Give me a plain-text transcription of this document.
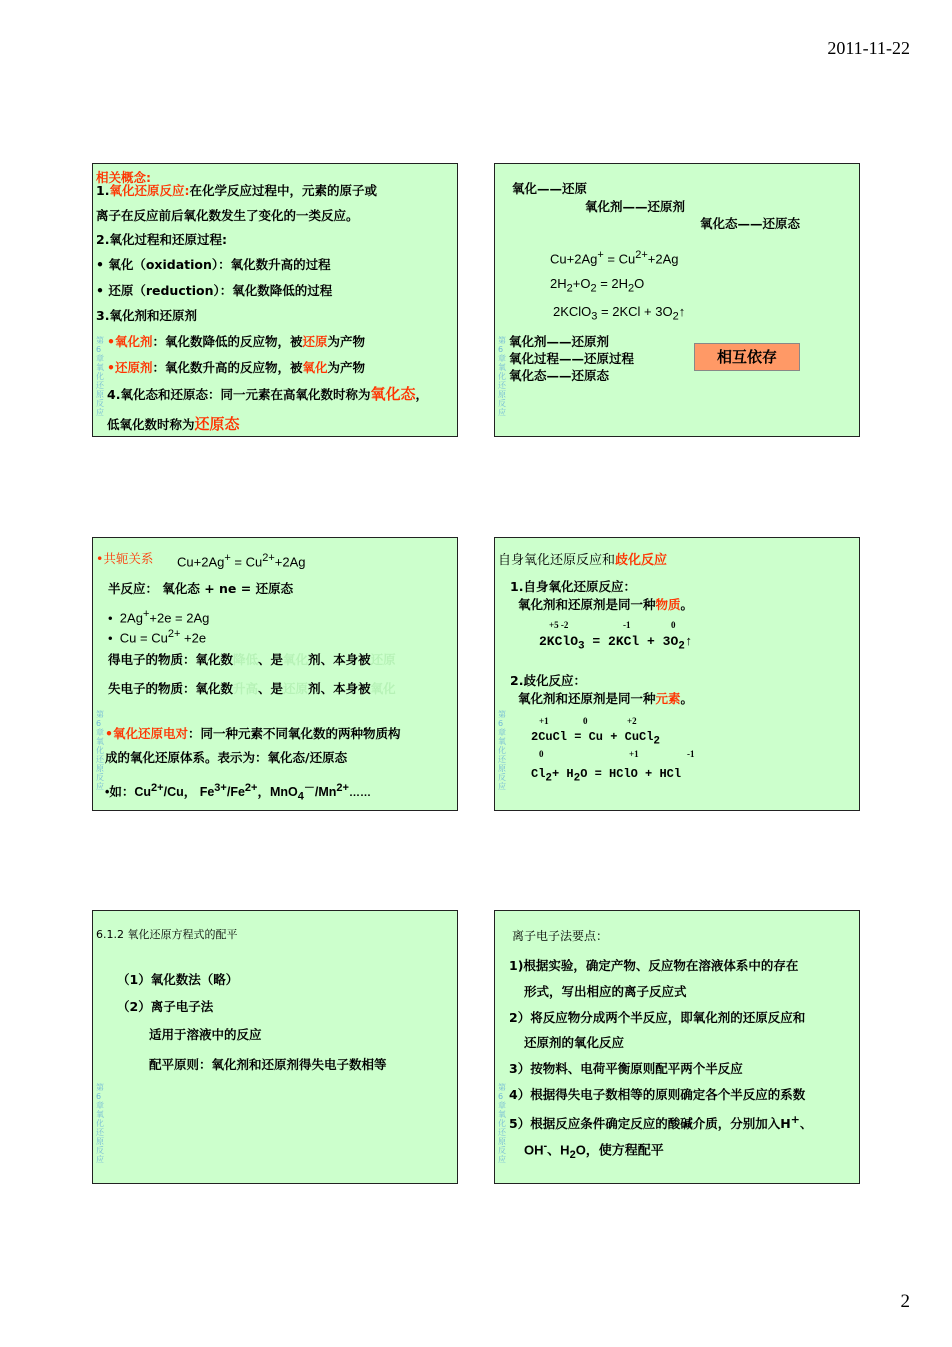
2011-11-22
相关概念:
1.氧化还原反应:在化学反应过程中，元素的原子或
离子在反应前后氧化数发生了变化的一类反应。
2.氧化过程和还原过程:
• 氧化（oxidation）：氧化数升高的过程
• 还原（reduction）：氧化数降低的过程
3.氧化剂和还原剂
第6章氧化还原反应
•氧化剂：氧化数降低的反应物，被还原为产物
•还原剂：氧化数升高的反应物，被氧化为产物
4.氧化态和还原态：同一元素在高氧化数时称为氧化态，
低氧化数时称为还原态
氧化——还原
氧化剂——还原剂
氧化态——还原态
$Cu+2Ag^+ = Cu^{2+}+2Ag$
$2H_2+O_2 = 2H_2O$
2KClO$_3$ = $2KCl + 3O_2↑$
第6章氧化还原反应
氧化剂——还原剂
氧化过程——还原过程
氧化态——还原态
相互依存
•共轭关系 $Cu+2Ag^+ = Cu^{2+}+2Ag$
半反应： 氧化态 + ne = 还原态
• 2Ag++2e = 2Ag
• $Cu = Cu^{2+} +2e$
得电子的物质：氧化数降低、是氧化剂、本身被还原
失电子的物质：氧化数升高、是还原剂、本身被氧化
第6章氧化还原反应
•氧化还原电对：同一种元素不同氧化数的两种物质构
成的氧化还原体系。表示为：氧化态/还原态
•如：$Cu^{2+}/Cu$， $Fe^{3+}/Fe^{2+}$，$MnO_4^-/Mn^{2+}\dots\dots$
自身氧化还原反应和歧化反应
1.自身氧化还原反应：
氧化剂和还原剂是同一种物质。
+5 -2	-1	0
2KClO$_3$ = $2KCl + 3O_2↑$
2.歧化反应：
氧化剂和还原剂是同一种元素。
第6章氧化还原反应
+1	0	+2
2CuCl = Cu + CuCl$_2$
0	+1	-1
$Cl_2+ H_2O$ = HClO + HCl
6.1.2 氧化还原方程式的配平
（1）氧化数法（略）
（2）离子电子法
适用于溶液中的反应
配平原则：氧化剂和还原剂得失电子数相等
第6章氧化还原反应
离子电子法要点：
1)根据实验，确定产物、反应物在溶液体系中的存在
形式，写出相应的离子反应式
2）将反应物分成两个半反应，即氧化剂的还原反应和
还原剂的氧化反应
3）按物料、电荷平衡原则配平两个半反应
第6章氧化还原反应
4）根据得失电子数相等的原则确定各个半反应的系数
5）根据反应条件确定反应的酸碱介质，分别加入H+、
OH-、$H_2O$，使方程配平
2
